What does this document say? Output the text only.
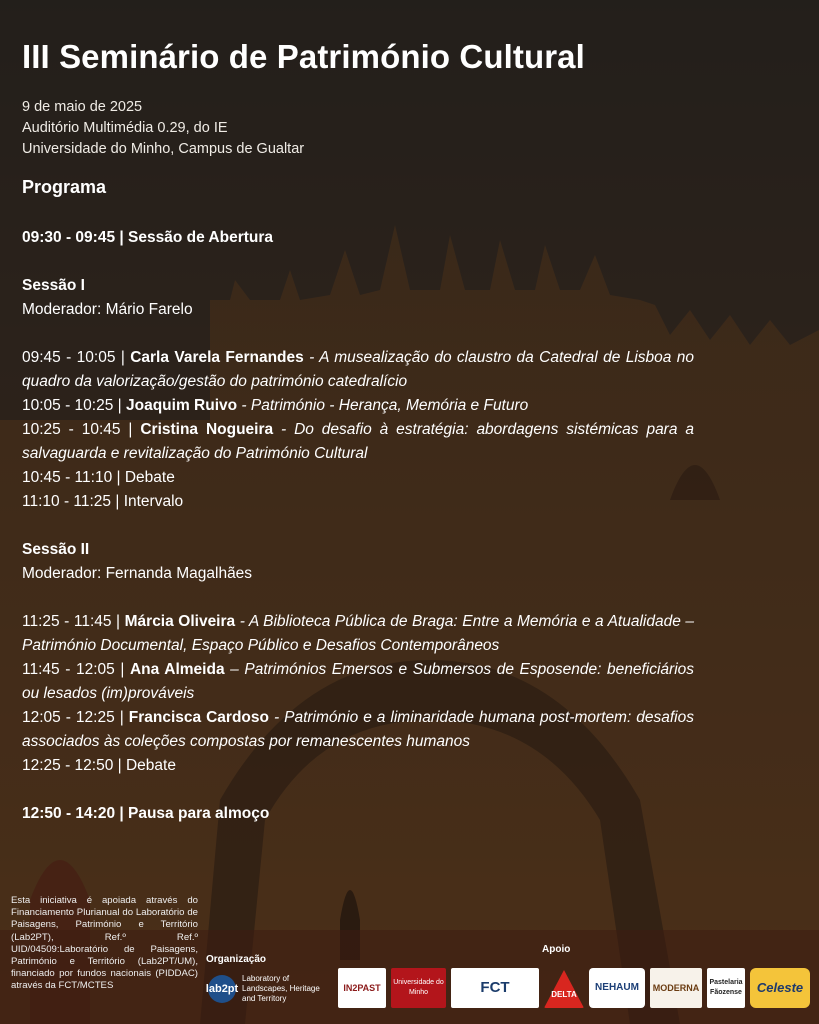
III Seminário de Património Cultural
9 de maio de 2025
Auditório Multimédia 0.29, do IE
Universidade do Minho, Campus de Gualtar
Programa

09:30 - 09:45 | Sessão de Abertura

Sessão I

Moderador: Mário Farelo

09:45 - 10:05 | Carla Varela Fernandes - A musealização do claustro da Catedral de Lisboa no quadro da valorização/gestão do património catedralício

10:05 - 10:25 | Joaquim Ruivo - Património - Herança, Memória e Futuro

10:25 - 10:45 | Cristina Nogueira - Do desafio à estratégia: abordagens sistémicas para a salvaguarda e revitalização do Património Cultural

10:45 - 11:10 | Debate

11:10 - 11:25 | Intervalo

Sessão II

Moderador: Fernanda Magalhães

11:25 - 11:45 | Márcia Oliveira - A Biblioteca Pública de Braga: Entre a Memória e a Atualidade – Património Documental, Espaço Público e Desafios Contemporâneos

11:45 - 12:05 | Ana Almeida – Patrimónios Emersos e Submersos de Esposende: beneficiários ou lesados (im)prováveis

12:05 - 12:25 | Francisca Cardoso - Património e a liminaridade humana post-mortem: desafios associados às coleções compostas por remanescentes humanos

12:25 - 12:50 | Debate

12:50 - 14:20 | Pausa para almoço

Esta iniciativa é apoiada através do Financiamento Plurianual do Laboratório de Paisagens, Património e Território (Lab2PT), Ref.º Ref.º UID/04509:Laboratório de Paisagens, Património e Território (Lab2PT/UM), financiado por fundos nacionais (PIDDAC) através da FCT/MCTES
Organização
Apoio
lab2pt
Laboratory of Landscapes, Heritage and Territory
IN2PAST
Universidade do Minho	FCT	DELTA
NEHAUM	MODERNA
Pastelaria Fãozense	Celeste
